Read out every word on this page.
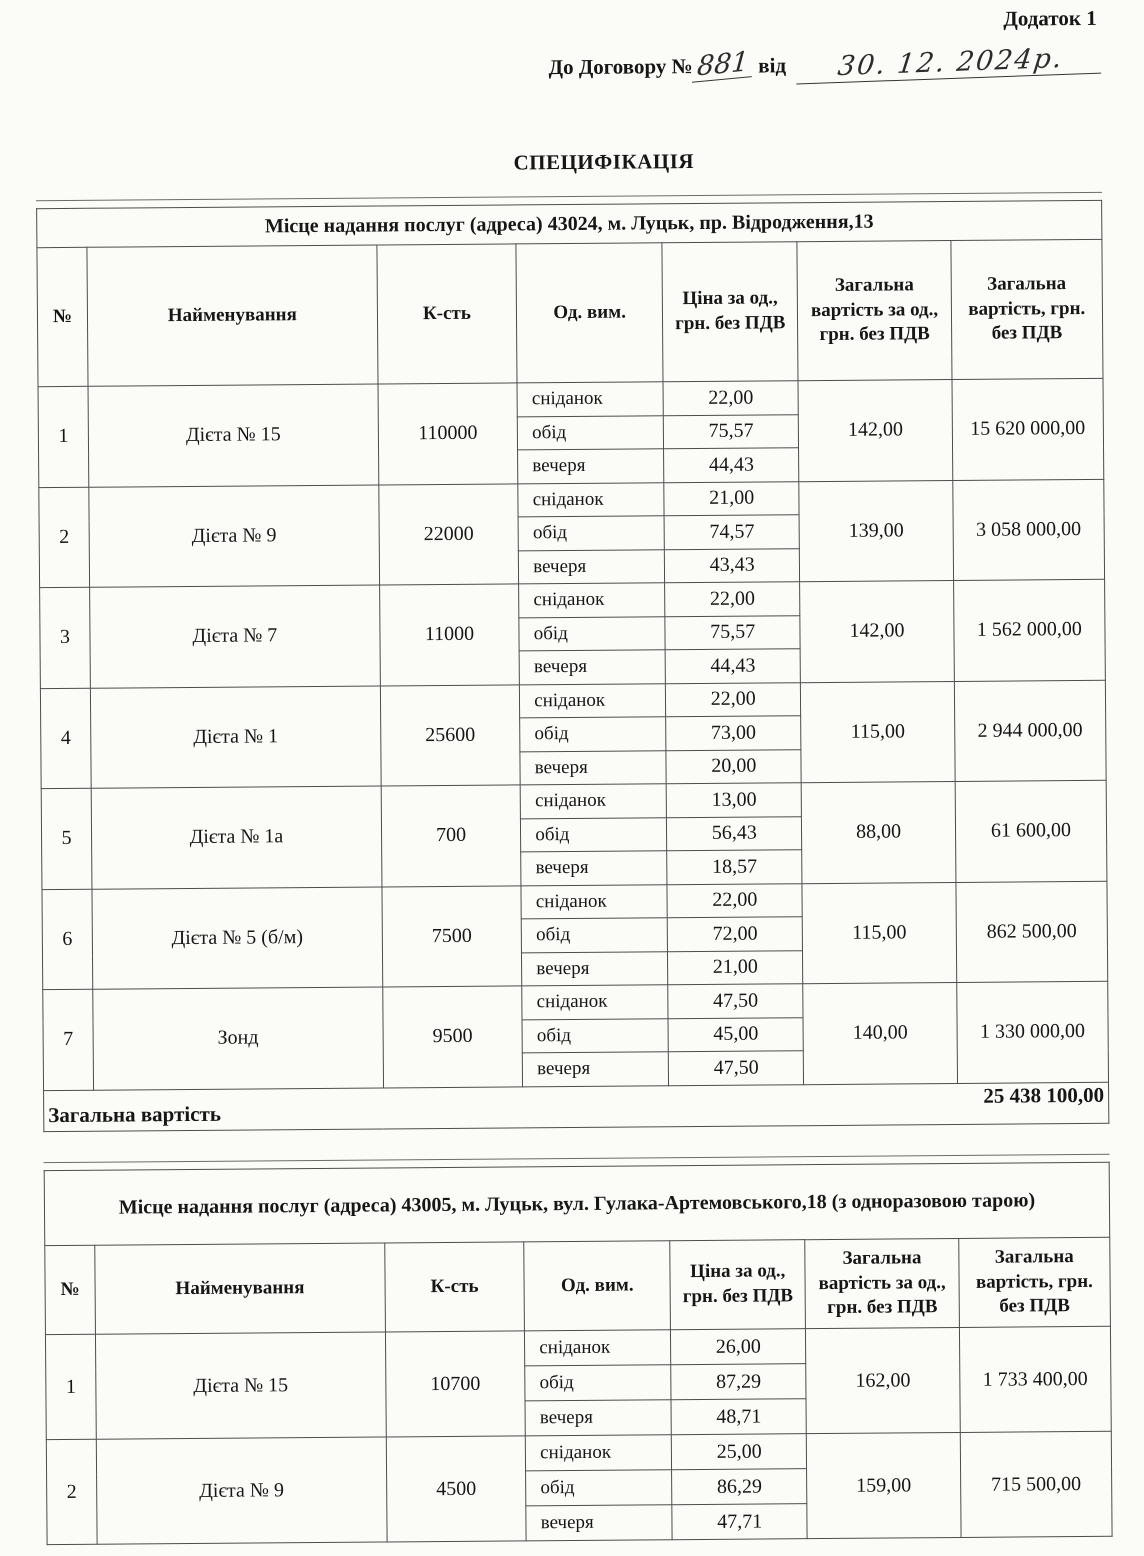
Додаток 1
До Договору № 881 від	30. 12. 2024р.
СПЕЦИФІКАЦІЯ
Місце надання послуг (адреса) 43024, м. Луцьк, пр. Відродження,13						
№	Найменування	К-сть	Од. вим.	Ціна за од., грн. без ПДВ	Загальна вартість за од., грн. без ПДВ	Загальна вартість, грн. без ПДВ
1	Дієта № 15	110000	сніданок	22,00	142,00	15 620 000,00
			обід	75,57		
			вечеря	44,43		
2	Дієта № 9	22000	сніданок	21,00	139,00	3 058 000,00
			обід	74,57		
			вечеря	43,43		
3	Дієта № 7	11000	сніданок	22,00	142,00	1 562 000,00
			обід	75,57		
			вечеря	44,43		
4	Дієта № 1	25600	сніданок	22,00	115,00	2 944 000,00
			обід	73,00		
			вечеря	20,00		
5	Дієта № 1а	700	сніданок	13,00	88,00	61 600,00
			обід	56,43		
			вечеря	18,57		
6	Дієта № 5 (б/м)	7500	сніданок	22,00	115,00	862 500,00
			обід	72,00		
			вечеря	21,00		
7	Зонд	9500	сніданок	47,50	140,00	1 330 000,00
			обід	45,00		
			вечеря	47,50		

Загальна вартість
25 438 100,00						
Місце надання послуг (адреса) 43005, м. Луцьк, вул. Гулака-Артемовського,18 (з одноразовою тарою)						
№	Найменування	К-сть	Од. вим.	Ціна за од., грн. без ПДВ	Загальна вартість за од., грн. без ПДВ	Загальна вартість, грн. без ПДВ
1	Дієта № 15	10700	сніданок	26,00	162,00	1 733 400,00
			обід	87,29		
			вечеря	48,71		
2	Дієта № 9	4500	сніданок	25,00	159,00	715 500,00
			обід	86,29		
			вечеря	47,71		
